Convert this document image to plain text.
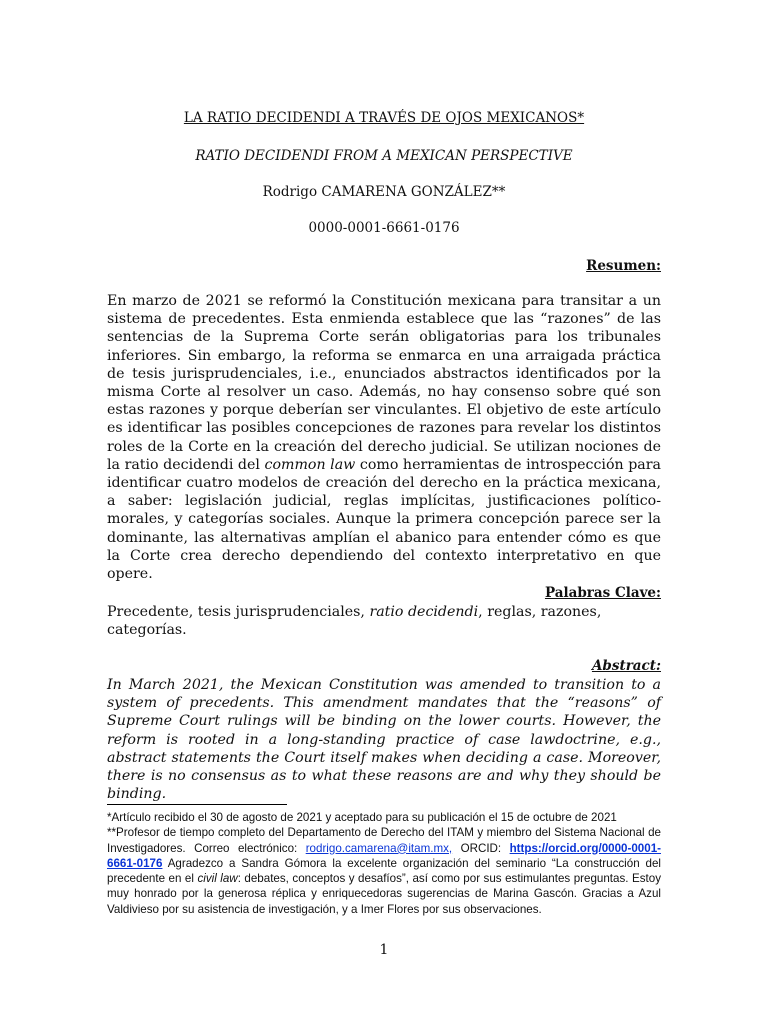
LA RATIO DECIDENDI A TRAVÉS DE OJOS MEXICANOS*
RATIO DECIDENDI FROM A MEXICAN PERSPECTIVE
Rodrigo CAMARENA GONZÁLEZ**
0000-0001-6661-0176
Resumen:
En marzo de 2021 se reformó la Constitución mexicana para transitar a un sistema de precedentes. Esta enmienda establece que las “razones” de las sentencias de la Suprema Corte serán obligatorias para los tribunales inferiores. Sin embargo, la reforma se enmarca en una arraigada práctica de tesis jurisprudenciales, i.e., enunciados abstractos identificados por la misma Corte al resolver un caso. Además, no hay consenso sobre qué son estas razones y porque deberían ser vinculantes. El objetivo de este artículo es identificar las posibles concepciones de razones para revelar los distintos roles de la Corte en la creación del derecho judicial. Se utilizan nociones de la ratio decidendi del common law como herramientas de introspección para identificar cuatro modelos de creación del derecho en la práctica mexicana, a saber: legislación judicial, reglas implícitas, justificaciones político-morales, y categorías sociales. Aunque la primera concepción parece ser la dominante, las alternativas amplían el abanico para entender cómo es que la Corte crea derecho dependiendo del contexto interpretativo en que opere.
Palabras Clave:
Precedente, tesis jurisprudenciales, ratio decidendi, reglas, razones, categorías.
Abstract:
In March 2021, the Mexican Constitution was amended to transition to a system of precedents. This amendment mandates that the “reasons” of Supreme Court rulings will be binding on the lower courts. However, the reform is rooted in a long-standing practice of case lawdoctrine, e.g., abstract statements the Court itself makes when deciding a case. Moreover, there is no consensus as to what these reasons are and why they should be binding.

*Artículo recibido el 30 de agosto de 2021 y aceptado para su publicación el 15 de octubre de 2021

**Profesor de tiempo completo del Departamento de Derecho del ITAM y miembro del Sistema Nacional de Investigadores. Correo electrónico: rodrigo.camarena@itam.mx, ORCID: https://orcid.org/0000-0001-6661-0176 Agradezco a Sandra Gómora la excelente organización del seminario “La construcción del precedente en el civil law: debates, conceptos y desafíos”, así como por sus estimulantes preguntas. Estoy muy honrado por la generosa réplica y enriquecedoras sugerencias de Marina Gascón. Gracias a Azul Valdivieso por su asistencia de investigación, y a Imer Flores por sus observaciones.

1
